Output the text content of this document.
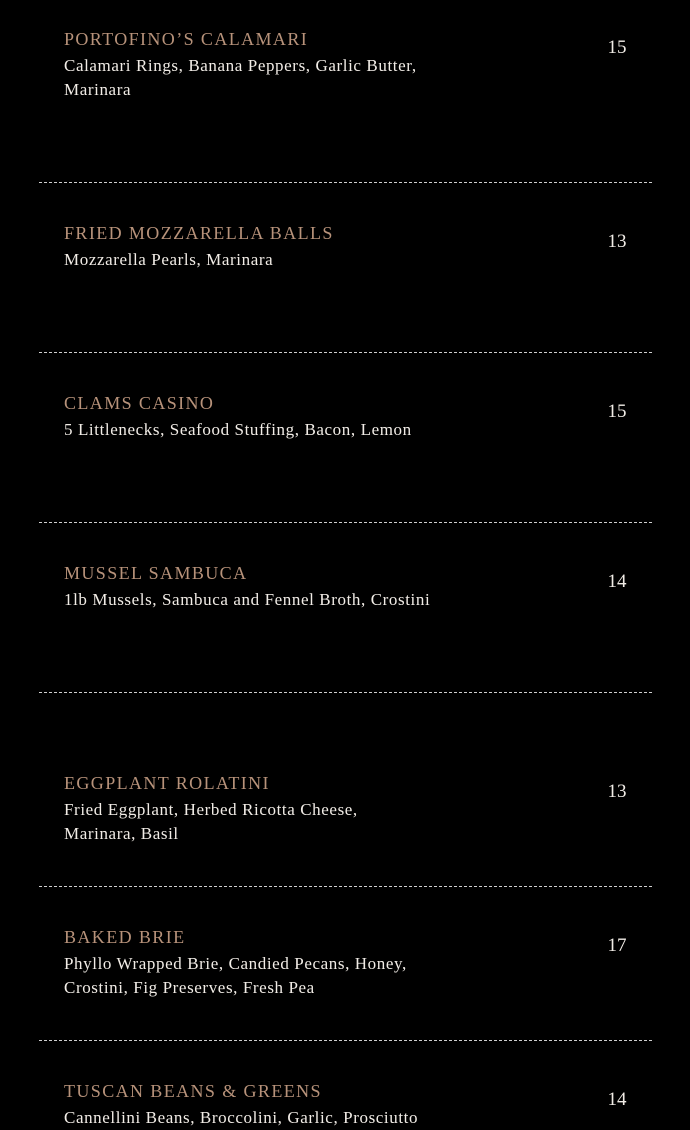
PORTOFINO’S CALAMARI
Calamari Rings, Banana Peppers, Garlic Butter, Marinara
15
FRIED MOZZARELLA BALLS
Mozzarella Pearls, Marinara
13
CLAMS CASINO
5 Littlenecks, Seafood Stuffing, Bacon, Lemon
15
MUSSEL SAMBUCA
1lb Mussels, Sambuca and Fennel Broth, Crostini
14
EGGPLANT ROLATINI
Fried Eggplant, Herbed Ricotta Cheese, Marinara, Basil
13
BAKED BRIE
Phyllo Wrapped Brie, Candied Pecans, Honey, Crostini, Fig Preserves, Fresh Pea
17
TUSCAN BEANS & GREENS
Cannellini Beans, Broccolini, Garlic, Prosciutto
14
